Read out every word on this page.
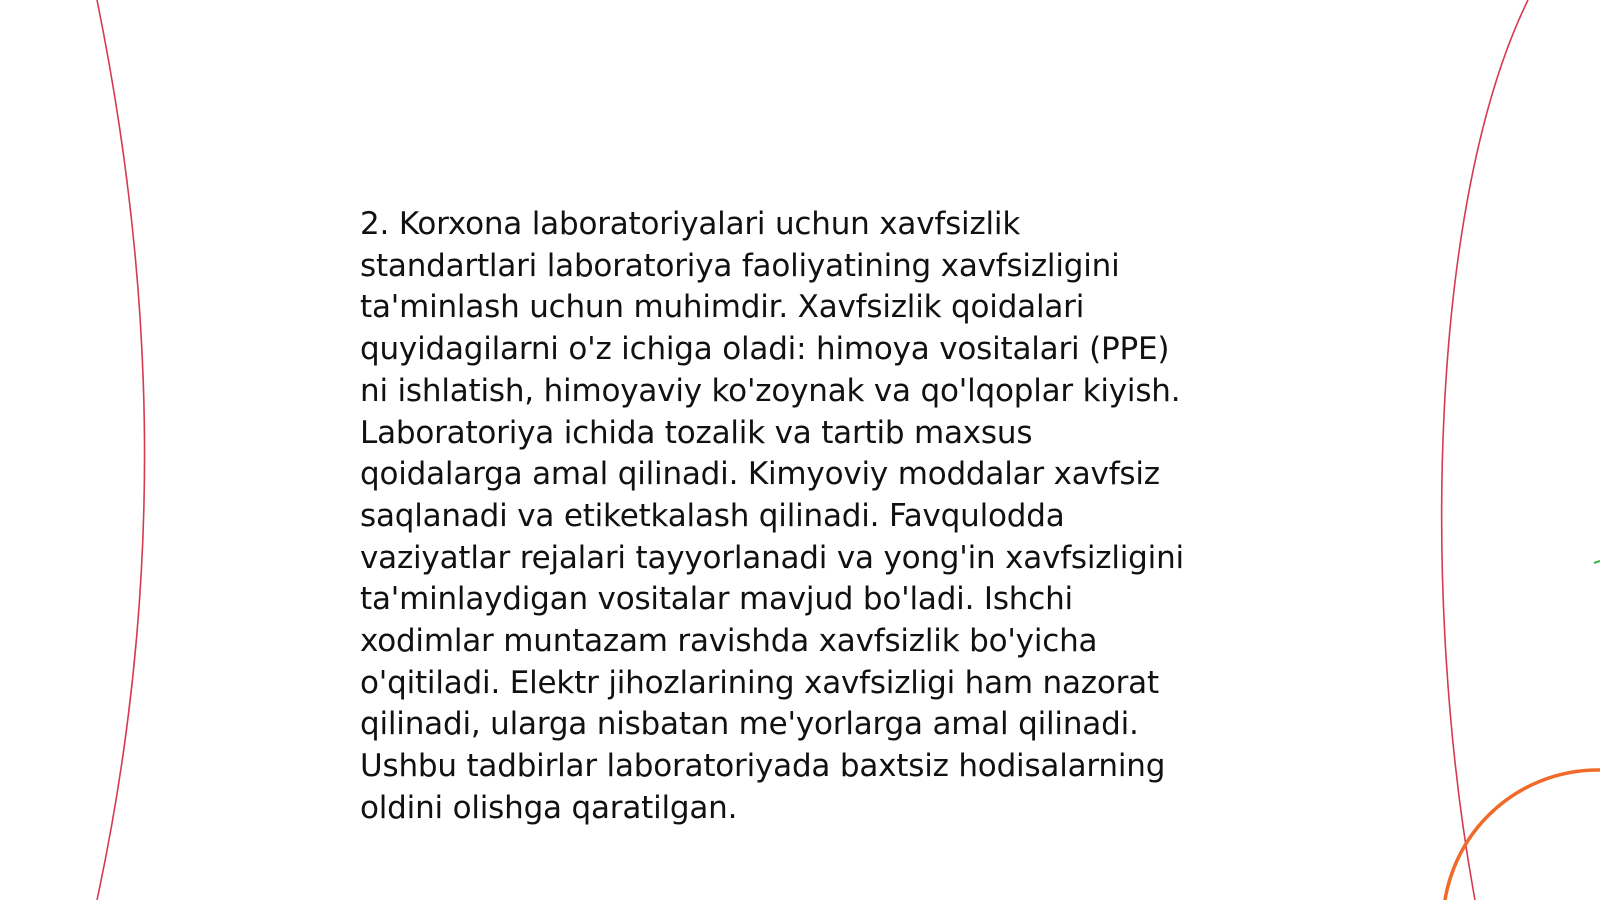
2. Korxona laboratoriyalari uchun xavfsizlik
standartlari laboratoriya faoliyatining xavfsizligini
ta'minlash uchun muhimdir. Xavfsizlik qoidalari
quyidagilarni o'z ichiga oladi: himoya vositalari (PPE)
ni ishlatish, himoyaviy ko'zoynak va qo'lqoplar kiyish.
Laboratoriya ichida tozalik va tartib maxsus
qoidalarga amal qilinadi. Kimyoviy moddalar xavfsiz
saqlanadi va etiketkalash qilinadi. Favqulodda
vaziyatlar rejalari tayyorlanadi va yong'in xavfsizligini
ta'minlaydigan vositalar mavjud bo'ladi. Ishchi
xodimlar muntazam ravishda xavfsizlik bo'yicha
o'qitiladi. Elektr jihozlarining xavfsizligi ham nazorat
qilinadi, ularga nisbatan me'yorlarga amal qilinadi.
Ushbu tadbirlar laboratoriyada baxtsiz hodisalarning
oldini olishga qaratilgan.
